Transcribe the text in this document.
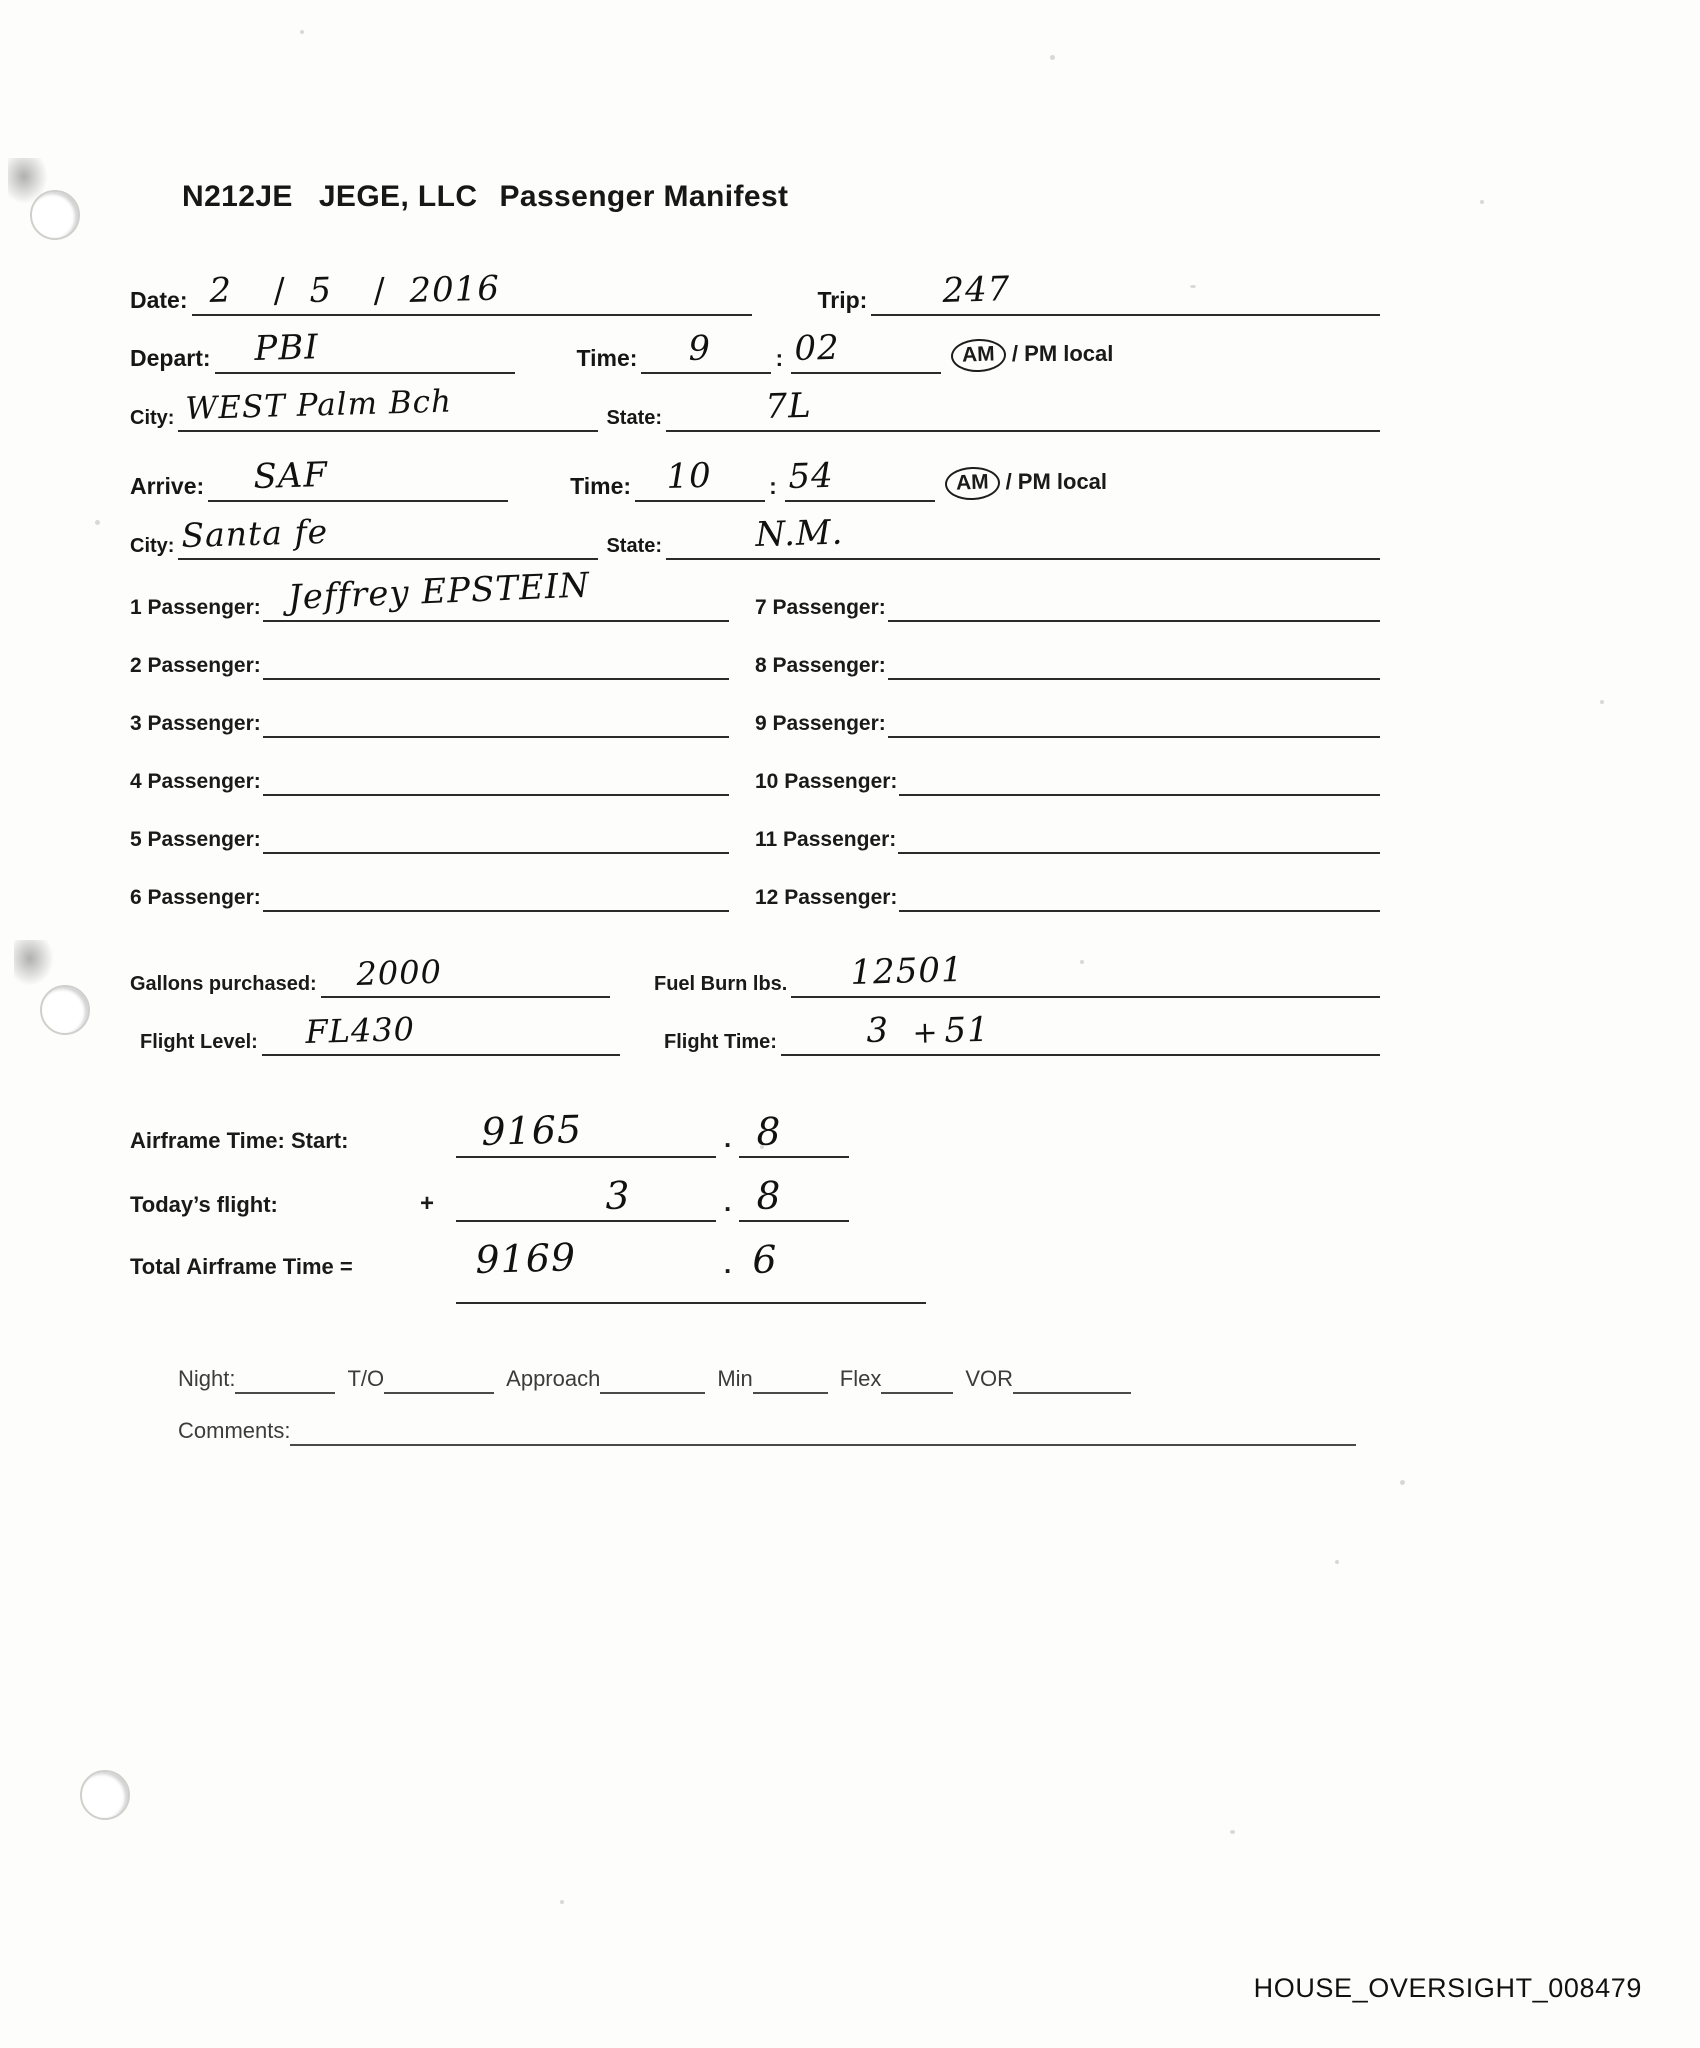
N212JE JEGE, LLC Passenger Manifest
Date: 2 / 5 / 2016	Trip: 247
Depart: PBI	Time: 9	: 02	AM / PM local
City: WEST Palm Bch	State:	7L
Arrive: SAF	Time: 10 : 54	AM / PM local
City: Santa fe	State:	N.M.
1 Passenger: Jeffrey EPSTEIN	7 Passenger:
2 Passenger:	8 Passenger:
3 Passenger:	9 Passenger:
4 Passenger:	10 Passenger:
5 Passenger:	11 Passenger:
6 Passenger:	12 Passenger:
Gallons purchased: 2000	Fuel Burn lbs. 12501
Flight Level: FL430	Flight Time:	3 + 51
Airframe Time: Start:	9165	. 8
Today’s flight:	+	3	. 8
Total Airframe Time =	9169	. 6
Night:	T/O	Approach	Min	Flex	VOR
Comments:
HOUSE_OVERSIGHT_008479
